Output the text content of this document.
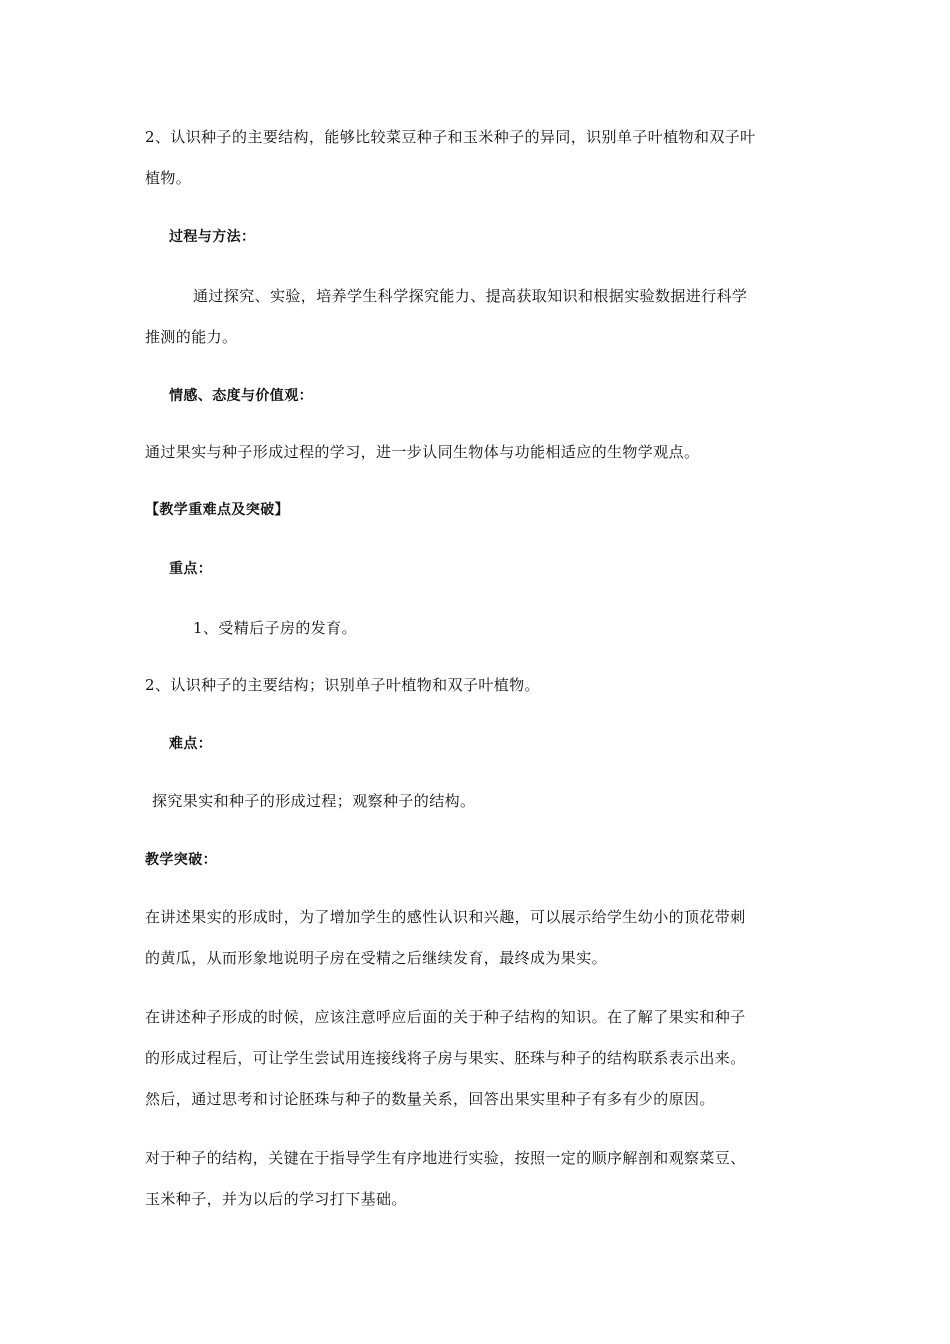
2、认识种子的主要结构，能够比较菜豆种子和玉米种子的异同，识别单子叶植物和双子叶
植物。
过程与方法：
通过探究、实验，培养学生科学探究能力、提高获取知识和根据实验数据进行科学
推测的能力。
情感、态度与价值观：
通过果实与种子形成过程的学习，进一步认同生物体与功能相适应的生物学观点。
【教学重难点及突破】
重点：
1、受精后子房的发育。
2、认识种子的主要结构；识别单子叶植物和双子叶植物。
难点：
探究果实和种子的形成过程；观察种子的结构。
教学突破：
在讲述果实的形成时，为了增加学生的感性认识和兴趣，可以展示给学生幼小的顶花带刺
的黄瓜，从而形象地说明子房在受精之后继续发育，最终成为果实。
在讲述种子形成的时候，应该注意呼应后面的关于种子结构的知识。在了解了果实和种子
的形成过程后，可让学生尝试用连接线将子房与果实、胚珠与种子的结构联系表示出来。
然后，通过思考和讨论胚珠与种子的数量关系，回答出果实里种子有多有少的原因。
对于种子的结构，关键在于指导学生有序地进行实验，按照一定的顺序解剖和观察菜豆、
玉米种子，并为以后的学习打下基础。
